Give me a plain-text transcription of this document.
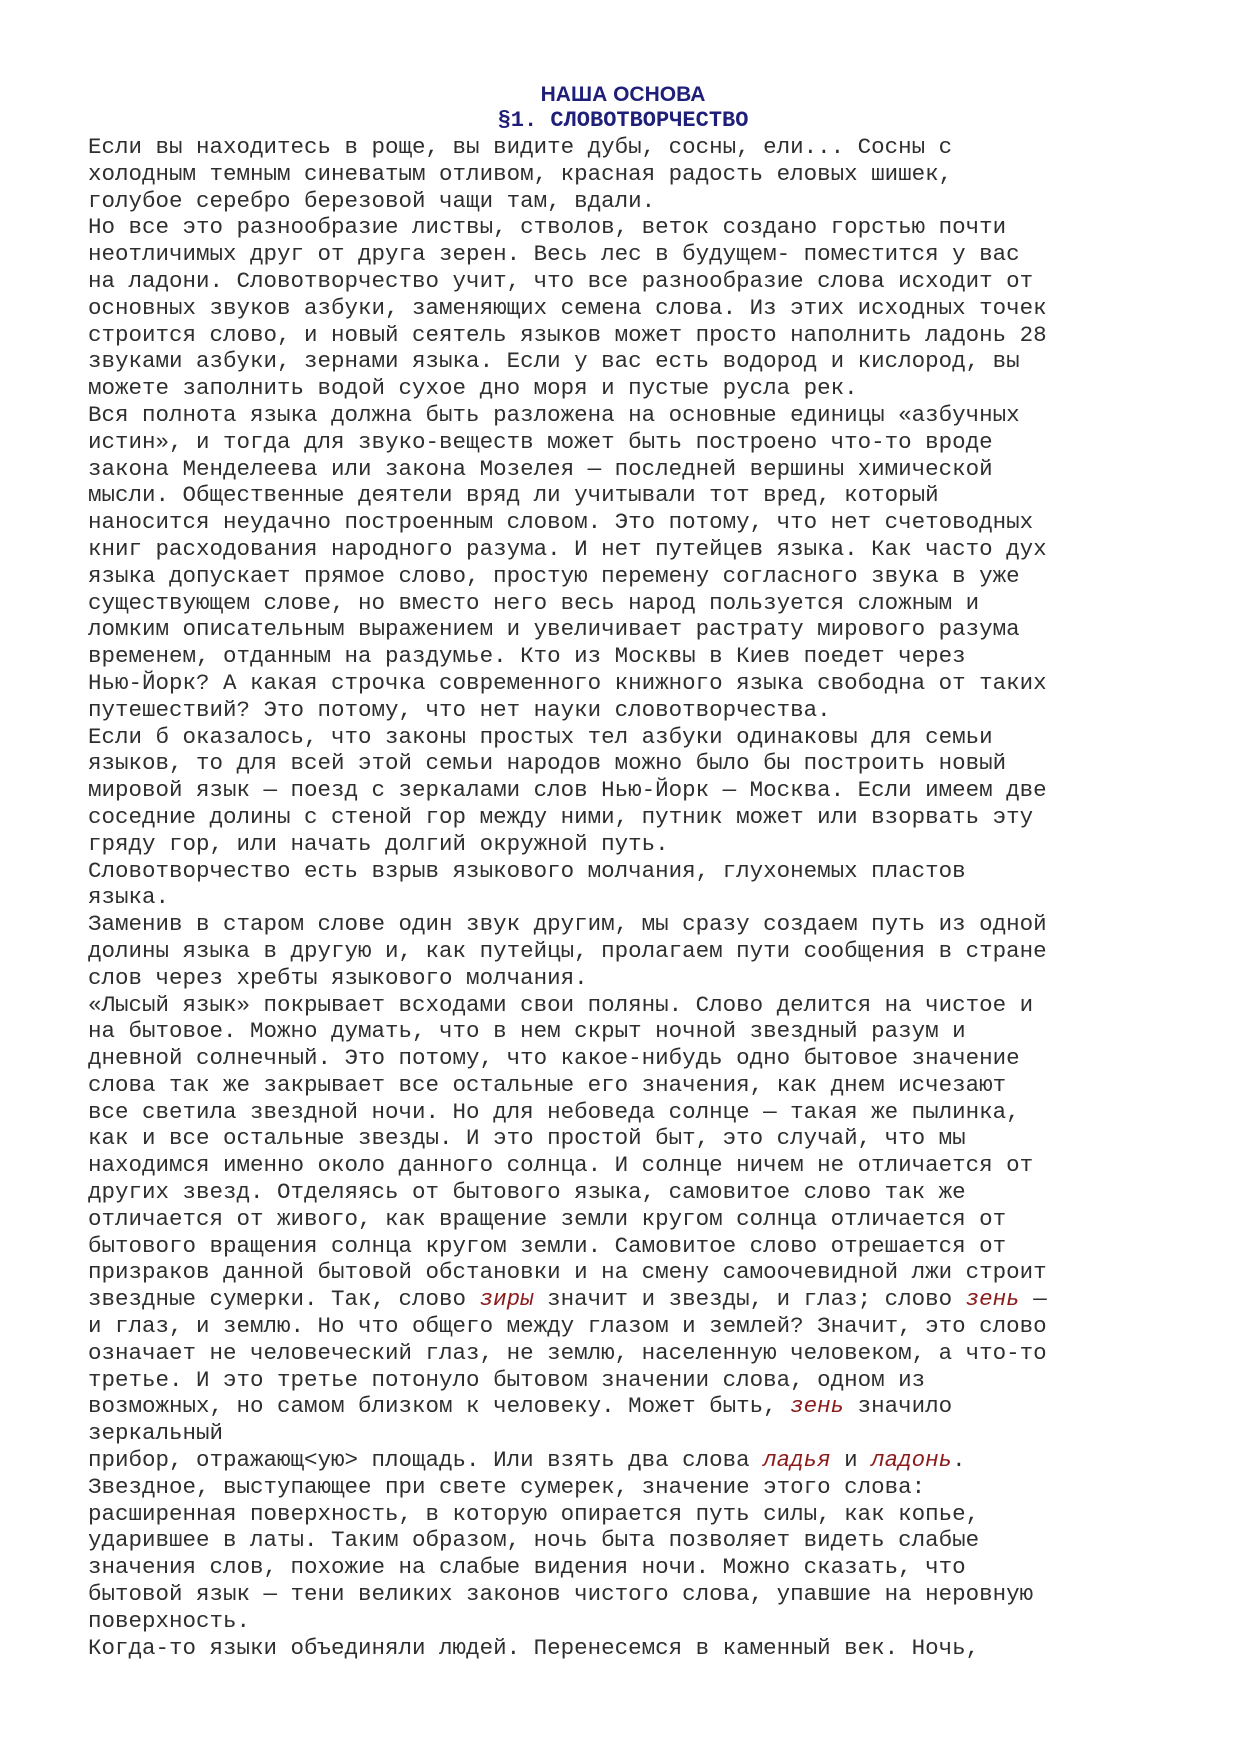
НАША ОСНОВА
§1. СЛОВОТВОРЧЕСТВО
Если вы находитесь в роще, вы видите дубы, сосны, ели... Сосны с
холодным темным синеватым отливом, красная радость еловых шишек,
голубое серебро березовой чащи там, вдали.
Но все это разнообразие листвы, стволов, веток создано горстью почти
неотличимых друг от друга зерен. Весь лес в будущем- поместится у вас
на ладони. Словотворчество учит, что все разнообразие слова исходит от
основных звуков азбуки, заменяющих семена слова. Из этих исходных точек
строится слово, и новый сеятель языков может просто наполнить ладонь 28
звуками азбуки, зернами языка. Если у вас есть водород и кислород, вы
можете заполнить водой сухое дно моря и пустые русла рек.
Вся полнота языка должна быть разложена на основные единицы «азбучных
истин», и тогда для звуко-веществ может быть построено что-то вроде
закона Менделеева или закона Мозелея — последней вершины химической
мысли. Общественные деятели вряд ли учитывали тот вред, который
наносится неудачно построенным словом. Это потому, что нет счетоводных
книг расходования народного разума. И нет путейцев языка. Как часто дух
языка допускает прямое слово, простую перемену согласного звука в уже
существующем слове, но вместо него весь народ пользуется сложным и
ломким описательным выражением и увеличивает растрату мирового разума
временем, отданным на раздумье. Кто из Москвы в Киев поедет через
Нью-Йорк? А какая строчка современного книжного языка свободна от таких
путешествий? Это потому, что нет науки словотворчества.
Если б оказалось, что законы простых тел азбуки одинаковы для семьи
языков, то для всей этой семьи народов можно было бы построить новый
мировой язык — поезд с зеркалами слов Нью-Йорк — Москва. Если имеем две
соседние долины с стеной гор между ними, путник может или взорвать эту
гряду гор, или начать долгий окружной путь.
Словотворчество есть взрыв языкового молчания, глухонемых пластов
языка.
Заменив в старом слове один звук другим, мы сразу создаем путь из одной
долины языка в другую и, как путейцы, пролагаем пути сообщения в стране
слов через хребты языкового молчания.
«Лысый язык» покрывает всходами свои поляны. Слово делится на чистое и
на бытовое. Можно думать, что в нем скрыт ночной звездный разум и
дневной солнечный. Это потому, что какое-нибудь одно бытовое значение
слова так же закрывает все остальные его значения, как днем исчезают
все светила звездной ночи. Но для небоведа солнце — такая же пылинка,
как и все остальные звезды. И это простой быт, это случай, что мы
находимся именно около данного солнца. И солнце ничем не отличается от
других звезд. Отделяясь от бытового языка, самовитое слово так же
отличается от живого, как вращение земли кругом солнца отличается от
бытового вращения солнца кругом земли. Самовитое слово отрешается от
призраков данной бытовой обстановки и на смену самоочевидной лжи строит
звездные сумерки. Так, слово зиры значит и звезды, и глаз; слово зень —
и глаз, и землю. Но что общего между глазом и землей? Значит, это слово
означает не человеческий глаз, не землю, населенную человеком, а что-то
третье. И это третье потонуло бытовом значении слова, одном из
возможных, но самом близком к человеку. Может быть, зень значило
зеркальный
прибор, отражающ<ую> площадь. Или взять два слова ладья и ладонь.
Звездное, выступающее при свете сумерек, значение этого слова:
расширенная поверхность, в которую опирается путь силы, как копье,
ударившее в латы. Таким образом, ночь быта позволяет видеть слабые
значения слов, похожие на слабые видения ночи. Можно сказать, что
бытовой язык — тени великих законов чистого слова, упавшие на неровную
поверхность.
Когда-то языки объединяли людей. Перенесемся в каменный век. Ночь,
